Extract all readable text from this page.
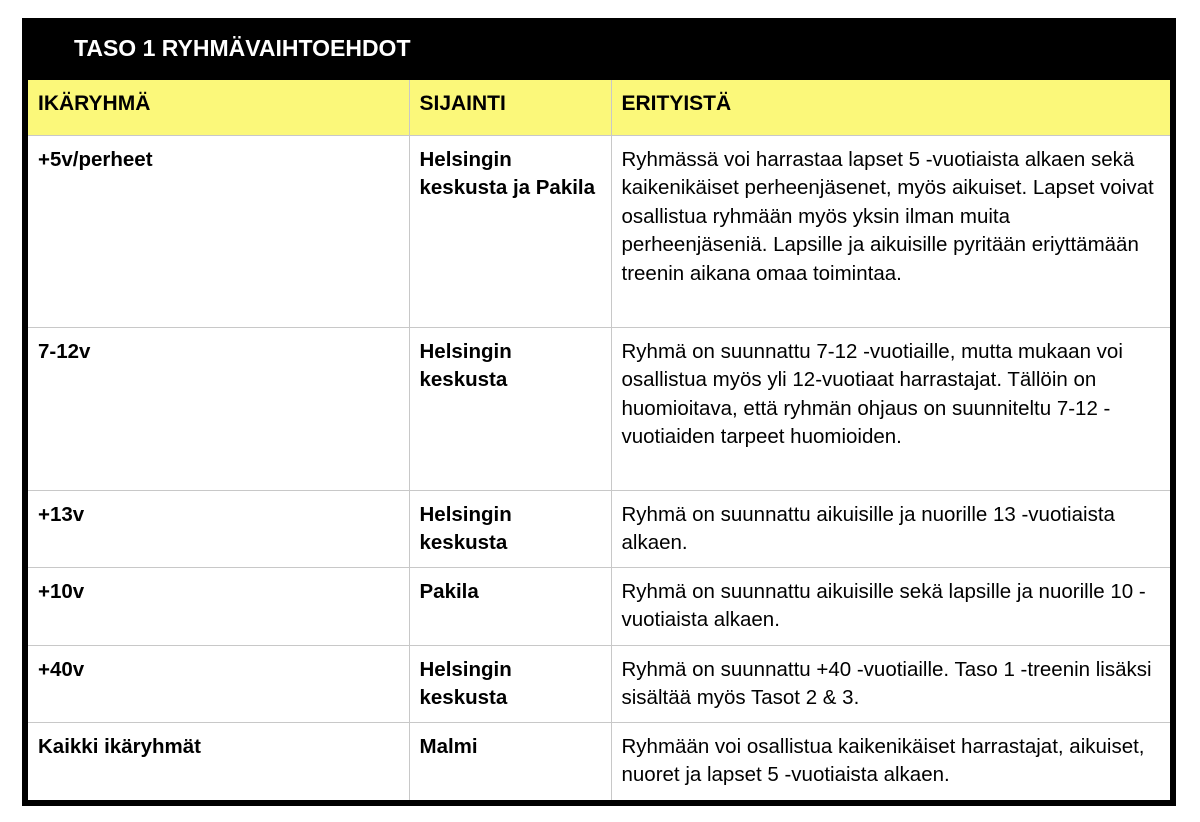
TASO 1 RYHMÄVAIHTOEHDOT		
IKÄRYHMÄ	SIJAINTI	ERITYISTÄ
+5v/perheet	Helsingin keskusta ja Pakila	Ryhmässä voi harrastaa lapset 5 -vuotiaista alkaen sekä kaikenikäiset perheenjäsenet, myös aikuiset. Lapset voivat osallistua ryhmään myös yksin ilman muita perheenjäseniä. Lapsille ja aikuisille pyritään eriyttämään treenin aikana omaa toimintaa.
7-12v	Helsingin keskusta	Ryhmä on suunnattu 7-12 -vuotiaille, mutta mukaan voi osallistua myös yli 12-vuotiaat harrastajat. Tällöin on huomioitava, että ryhmän ohjaus on suunniteltu 7-12 -vuotiaiden tarpeet huomioiden.
+13v	Helsingin keskusta	Ryhmä on suunnattu aikuisille ja nuorille 13 -vuotiaista alkaen.
+10v	Pakila	Ryhmä on suunnattu aikuisille sekä lapsille ja nuorille 10 -vuotiaista alkaen.
+40v	Helsingin keskusta	Ryhmä on suunnattu +40 -vuotiaille. Taso 1 -treenin lisäksi sisältää myös Tasot 2 & 3.
Kaikki ikäryhmät	Malmi	Ryhmään voi osallistua kaikenikäiset harrastajat, aikuiset, nuoret ja lapset 5 -vuotiaista alkaen.
